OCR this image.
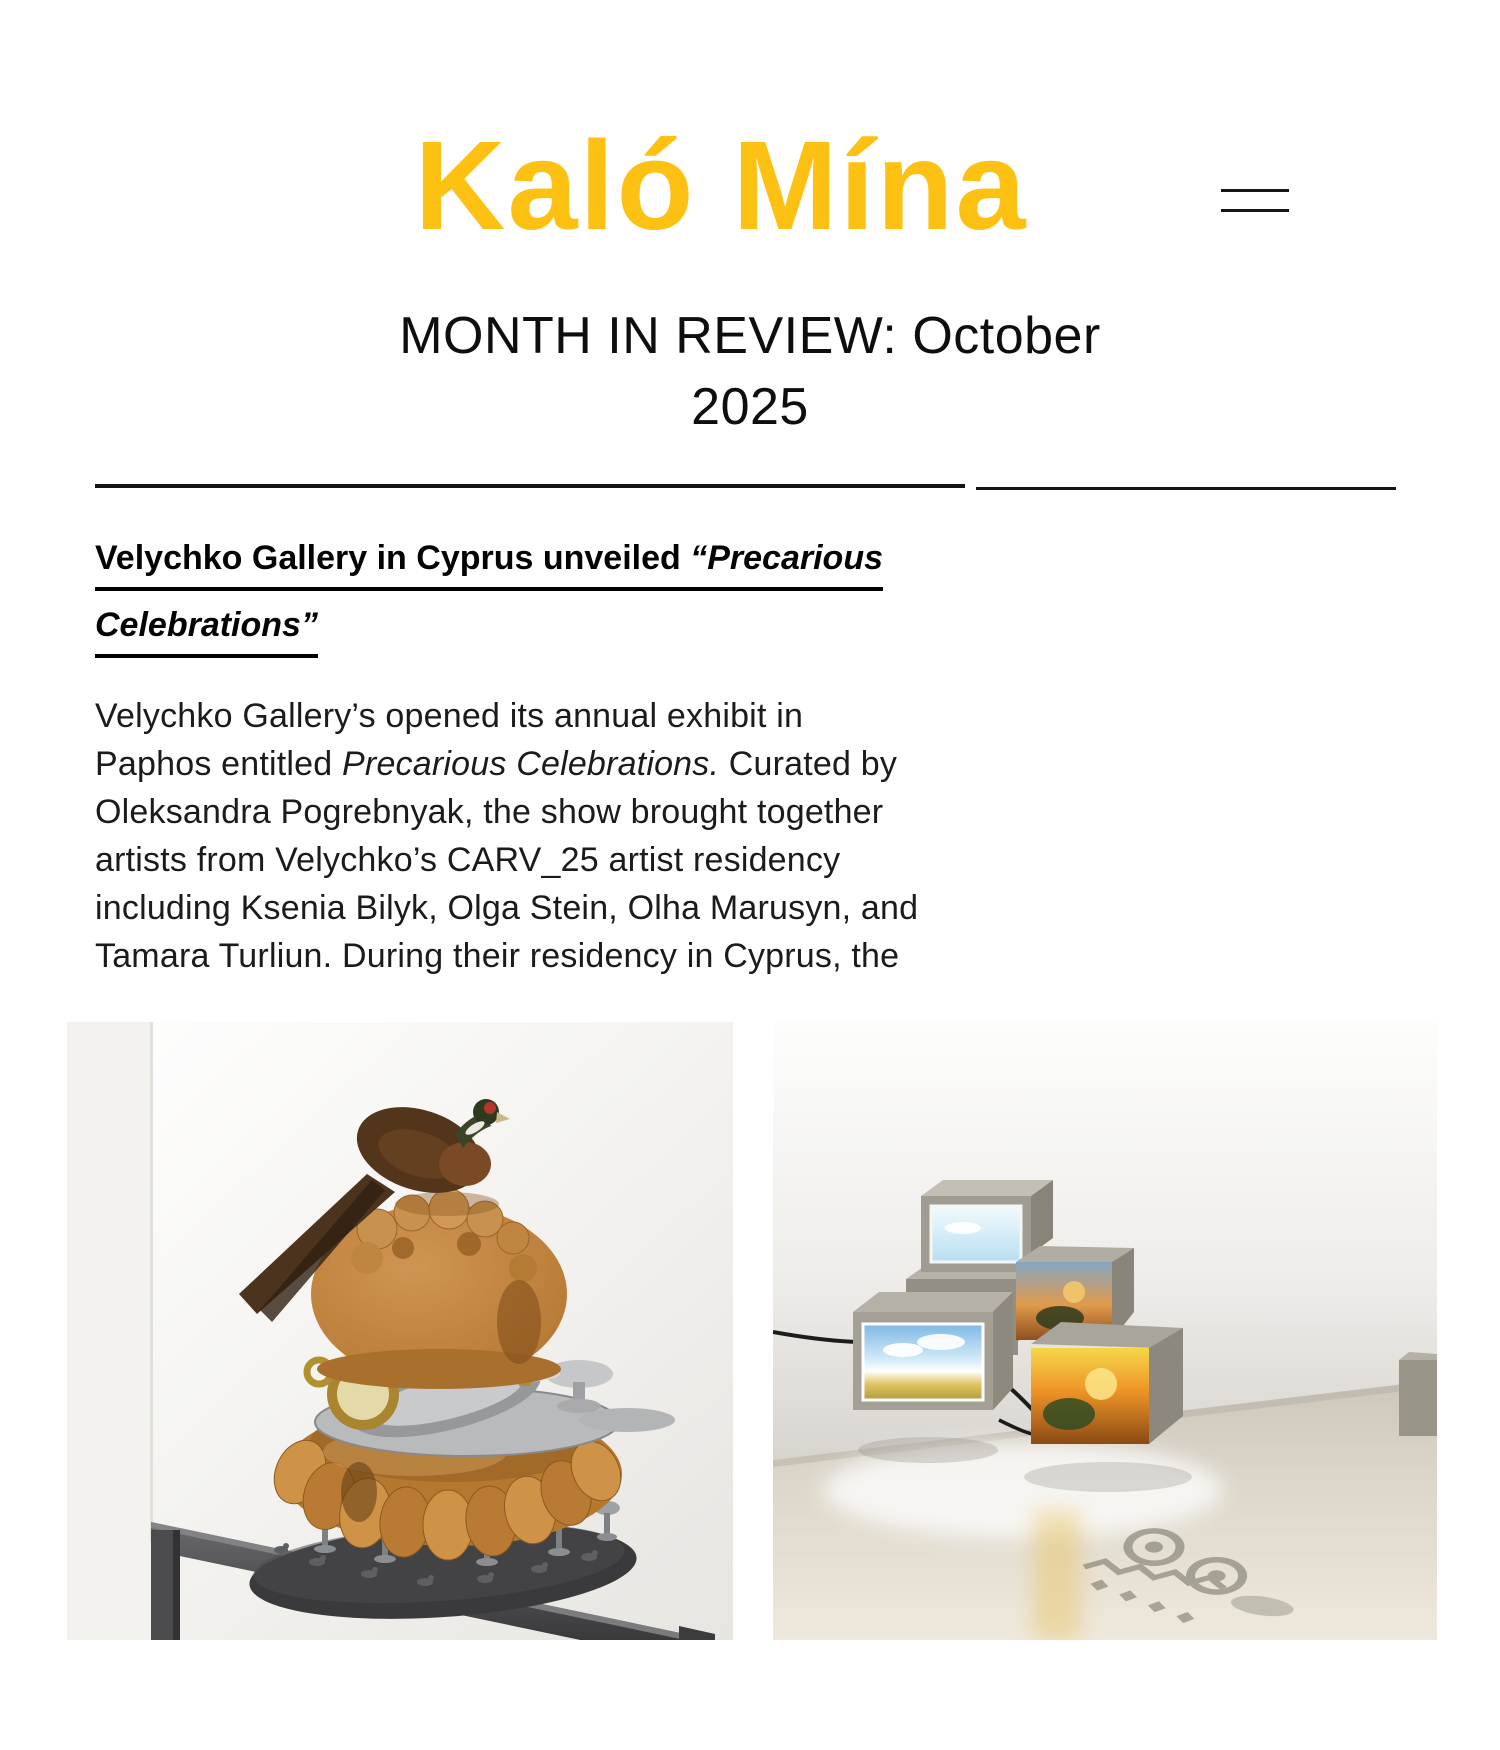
Kaló Mína
MONTH IN REVIEW: October 2025
Velychko Gallery in Cyprus unveiled “Precarious
Celebrations”
Velychko Gallery’s opened its annual exhibit in
Paphos entitled Precarious Celebrations. Curated by
Oleksandra Pogrebnyak, the show brought together
artists from Velychko’s CARV_25 artist residency
including Ksenia Bilyk, Olga Stein, Olha Marusyn, and
Tamara Turliun. During their residency in Cyprus, the
